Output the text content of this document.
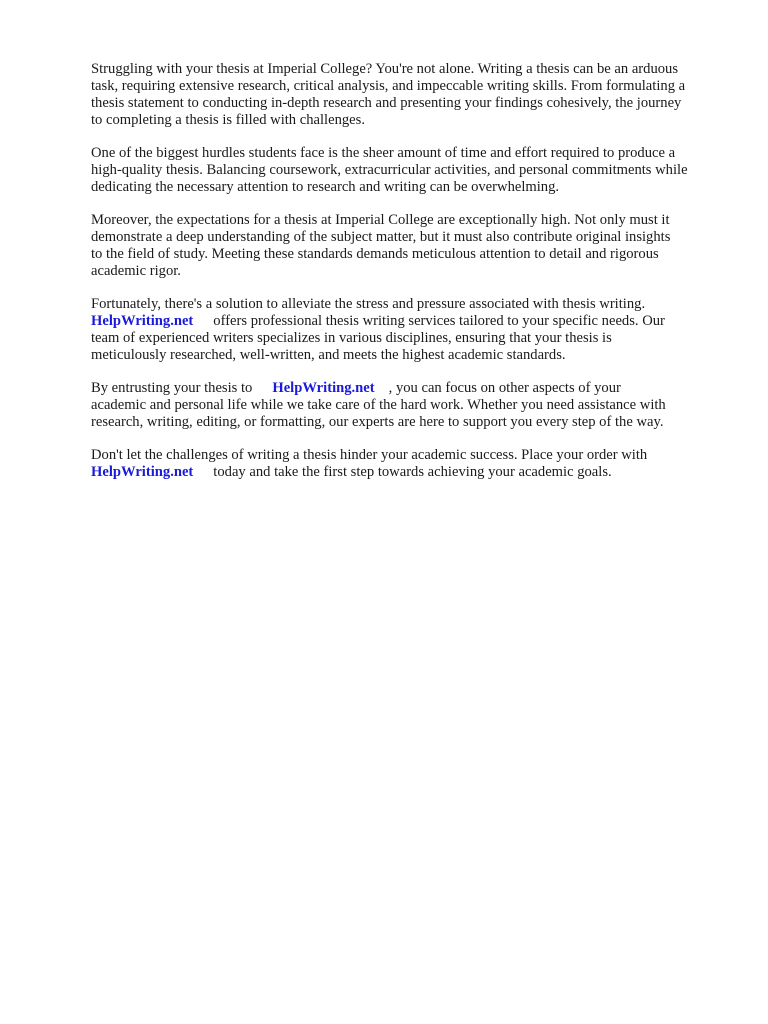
Struggling with your thesis at Imperial College? You're not alone. Writing a thesis can be an arduous
task, requiring extensive research, critical analysis, and impeccable writing skills. From formulating a
thesis statement to conducting in-depth research and presenting your findings cohesively, the journey
to completing a thesis is filled with challenges.

One of the biggest hurdles students face is the sheer amount of time and effort required to produce a
high-quality thesis. Balancing coursework, extracurricular activities, and personal commitments while
dedicating the necessary attention to research and writing can be overwhelming.

Moreover, the expectations for a thesis at Imperial College are exceptionally high. Not only must it
demonstrate a deep understanding of the subject matter, but it must also contribute original insights
to the field of study. Meeting these standards demands meticulous attention to detail and rigorous
academic rigor.

Fortunately, there's a solution to alleviate the stress and pressure associated with thesis writing.
HelpWriting.net offers professional thesis writing services tailored to your specific needs. Our
team of experienced writers specializes in various disciplines, ensuring that your thesis is
meticulously researched, well-written, and meets the highest academic standards.

By entrusting your thesis to HelpWriting.net , you can focus on other aspects of your
academic and personal life while we take care of the hard work. Whether you need assistance with
research, writing, editing, or formatting, our experts are here to support you every step of the way.

Don't let the challenges of writing a thesis hinder your academic success. Place your order with
HelpWriting.net today and take the first step towards achieving your academic goals.
